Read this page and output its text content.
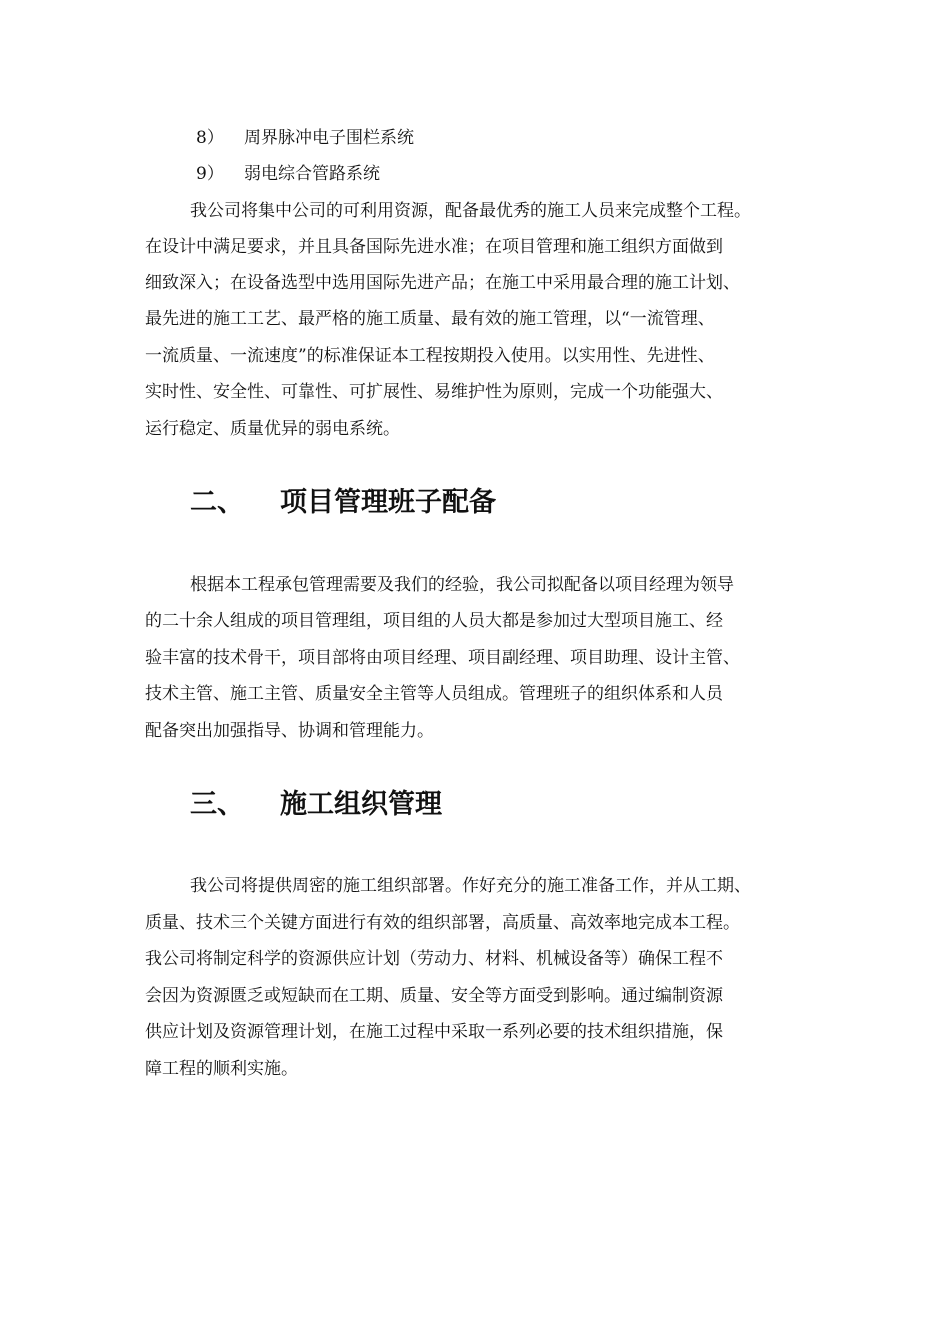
8） 周界脉冲电子围栏系统
9） 弱电综合管路系统
我公司将集中公司的可利用资源，配备最优秀的施工人员来完成整个工程。
在设计中满足要求，并且具备国际先进水准；在项目管理和施工组织方面做到
细致深入；在设备选型中选用国际先进产品；在施工中采用最合理的施工计划、
最先进的施工工艺、最严格的施工质量、最有效的施工管理，以“一流管理、
一流质量、一流速度”的标准保证本工程按期投入使用。以实用性、先进性、
实时性、安全性、可靠性、可扩展性、易维护性为原则，完成一个功能强大、
运行稳定、质量优异的弱电系统。
二、 项目管理班子配备
根据本工程承包管理需要及我们的经验，我公司拟配备以项目经理为领导
的二十余人组成的项目管理组，项目组的人员大都是参加过大型项目施工、经
验丰富的技术骨干，项目部将由项目经理、项目副经理、项目助理、设计主管、
技术主管、施工主管、质量安全主管等人员组成。管理班子的组织体系和人员
配备突出加强指导、协调和管理能力。
三、 施工组织管理
我公司将提供周密的施工组织部署。作好充分的施工准备工作，并从工期、
质量、技术三个关键方面进行有效的组织部署，高质量、高效率地完成本工程。
我公司将制定科学的资源供应计划（劳动力、材料、机械设备等）确保工程不
会因为资源匮乏或短缺而在工期、质量、安全等方面受到影响。通过编制资源
供应计划及资源管理计划，在施工过程中采取一系列必要的技术组织措施，保
障工程的顺利实施。
